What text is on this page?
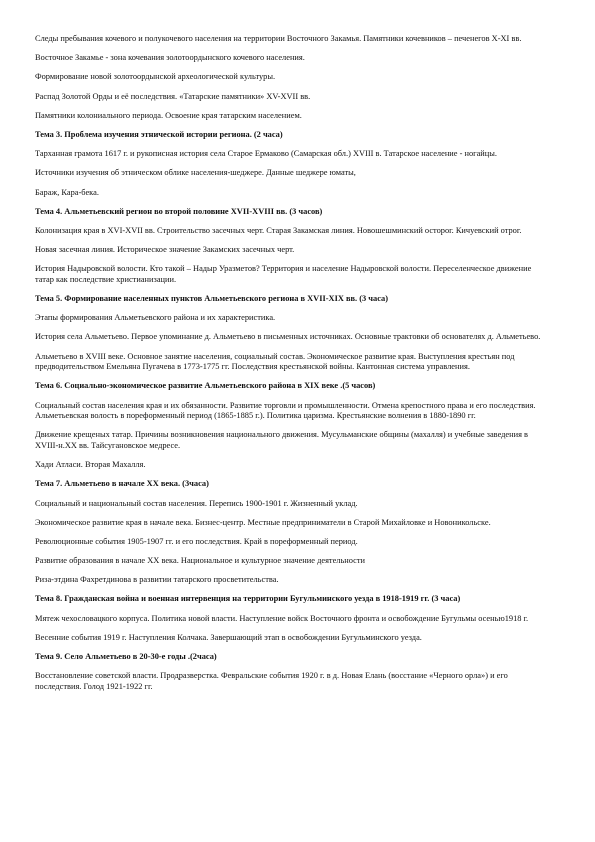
Следы пребывания кочевого и полукочевого населения на территории Восточного Закамья. Памятники кочевников – печенегов X-XI вв.

Восточное Закамье - зона кочевания золотоордынского кочевого населения.

Формирование новой золотоордынской археологической культуры.

Распад Золотой Орды и её последствия. «Татарские памятники» XV-XVII вв.

Памятники колониального периода. Освоение края татарским населением.

Тема 3. Проблема изучения этнической истории региона. (2 часа)

Тарханная грамота 1617 г. и рукописная история села Старое Ермаково (Самарская обл.) XVIII в. Татарское население - ногайцы.

Источники изучения об этническом облике населения-шеджере. Данные шеджере юматы,

Бараж, Кара-бека.

Тема 4. Альметьевский регион во второй половине XVII-XVIII вв. (3 часов)

Колонизация края в XVI-XVII вв. Строительство засечных черт. Старая Закамская линия. Новошешминский осторог. Кичуевский отрог.

Новая засечная линия. Историческое значение Закамских засечных черт.

История Надыровской волости. Кто такой – Надыр Уразметов? Территория и население Надыровской волости. Переселенческое движение татар как последствие христианизации.

Тема 5. Формирование населенных пунктов Альметьевского региона в XVII-XIX вв. (3 часа)

Этапы формирования Альметьевского района и их характеристика.

История села Альметьево. Первое упоминание д. Альметьево в письменных источниках. Основные трактовки об основателях д. Альметьево.

Альметьево в XVIII веке. Основное занятие населения, социальный состав. Экономическое развитие края. Выступления крестьян под предводительством Емельяна Пугачева в 1773-1775 гг. Последствия крестьянской войны. Кантонная система управления.

Тема 6. Социально-экономическое развитие Альметьевского района в XIX веке .(5 часов)

Социальный состав населения края и их обязанности. Развитие торговли и промышленности. Отмена крепостного права и его последствия. Альметьевская волость в пореформенный период (1865-1885 г.). Политика царизма. Крестьянские волнения в 1880-1890 гг.

Движение крещеных татар. Причины возникновения национального движения. Мусульманские общины (махалля) и учебные заведения в XVIII-н.XX вв. Тайсугановское медресе.

Хади Атласи. Вторая Махалля.

Тема 7. Альметьево в начале XX века. (3часа)

Социальный и национальный состав населения. Перепись 1900-1901 г. Жизненный уклад.

Экономическое развитие края в начале века. Бизнес-центр. Местные предприниматели в Старой Михайловке и Новоникольске.

Революционные события 1905-1907 гг. и его последствия. Край в пореформенный период.

Развитие образования в начале XX века. Национальное и культурное значение деятельности

Риза-этдина Фахретдинова в развитии татарского просветительства.

Тема 8. Гражданская война и военная интервенция на территории Бугульминского уезда в 1918-1919 гг. (3 часа)

Мятеж чехословацкого корпуса. Политика новой власти. Наступление войск Восточного фронта и освобождение Бугульмы осенью1918 г.

Весенние события 1919 г. Наступления Колчака. Завершающий этап в освобождении Бугульминского уезда.

Тема 9. Село Альметьево в 20-30-е годы .(2часа)

Восстановление советской власти. Продразверстка. Февральские события 1920 г. в д. Новая Елань (восстание «Черного орла») и его последствия. Голод 1921-1922 гг.
